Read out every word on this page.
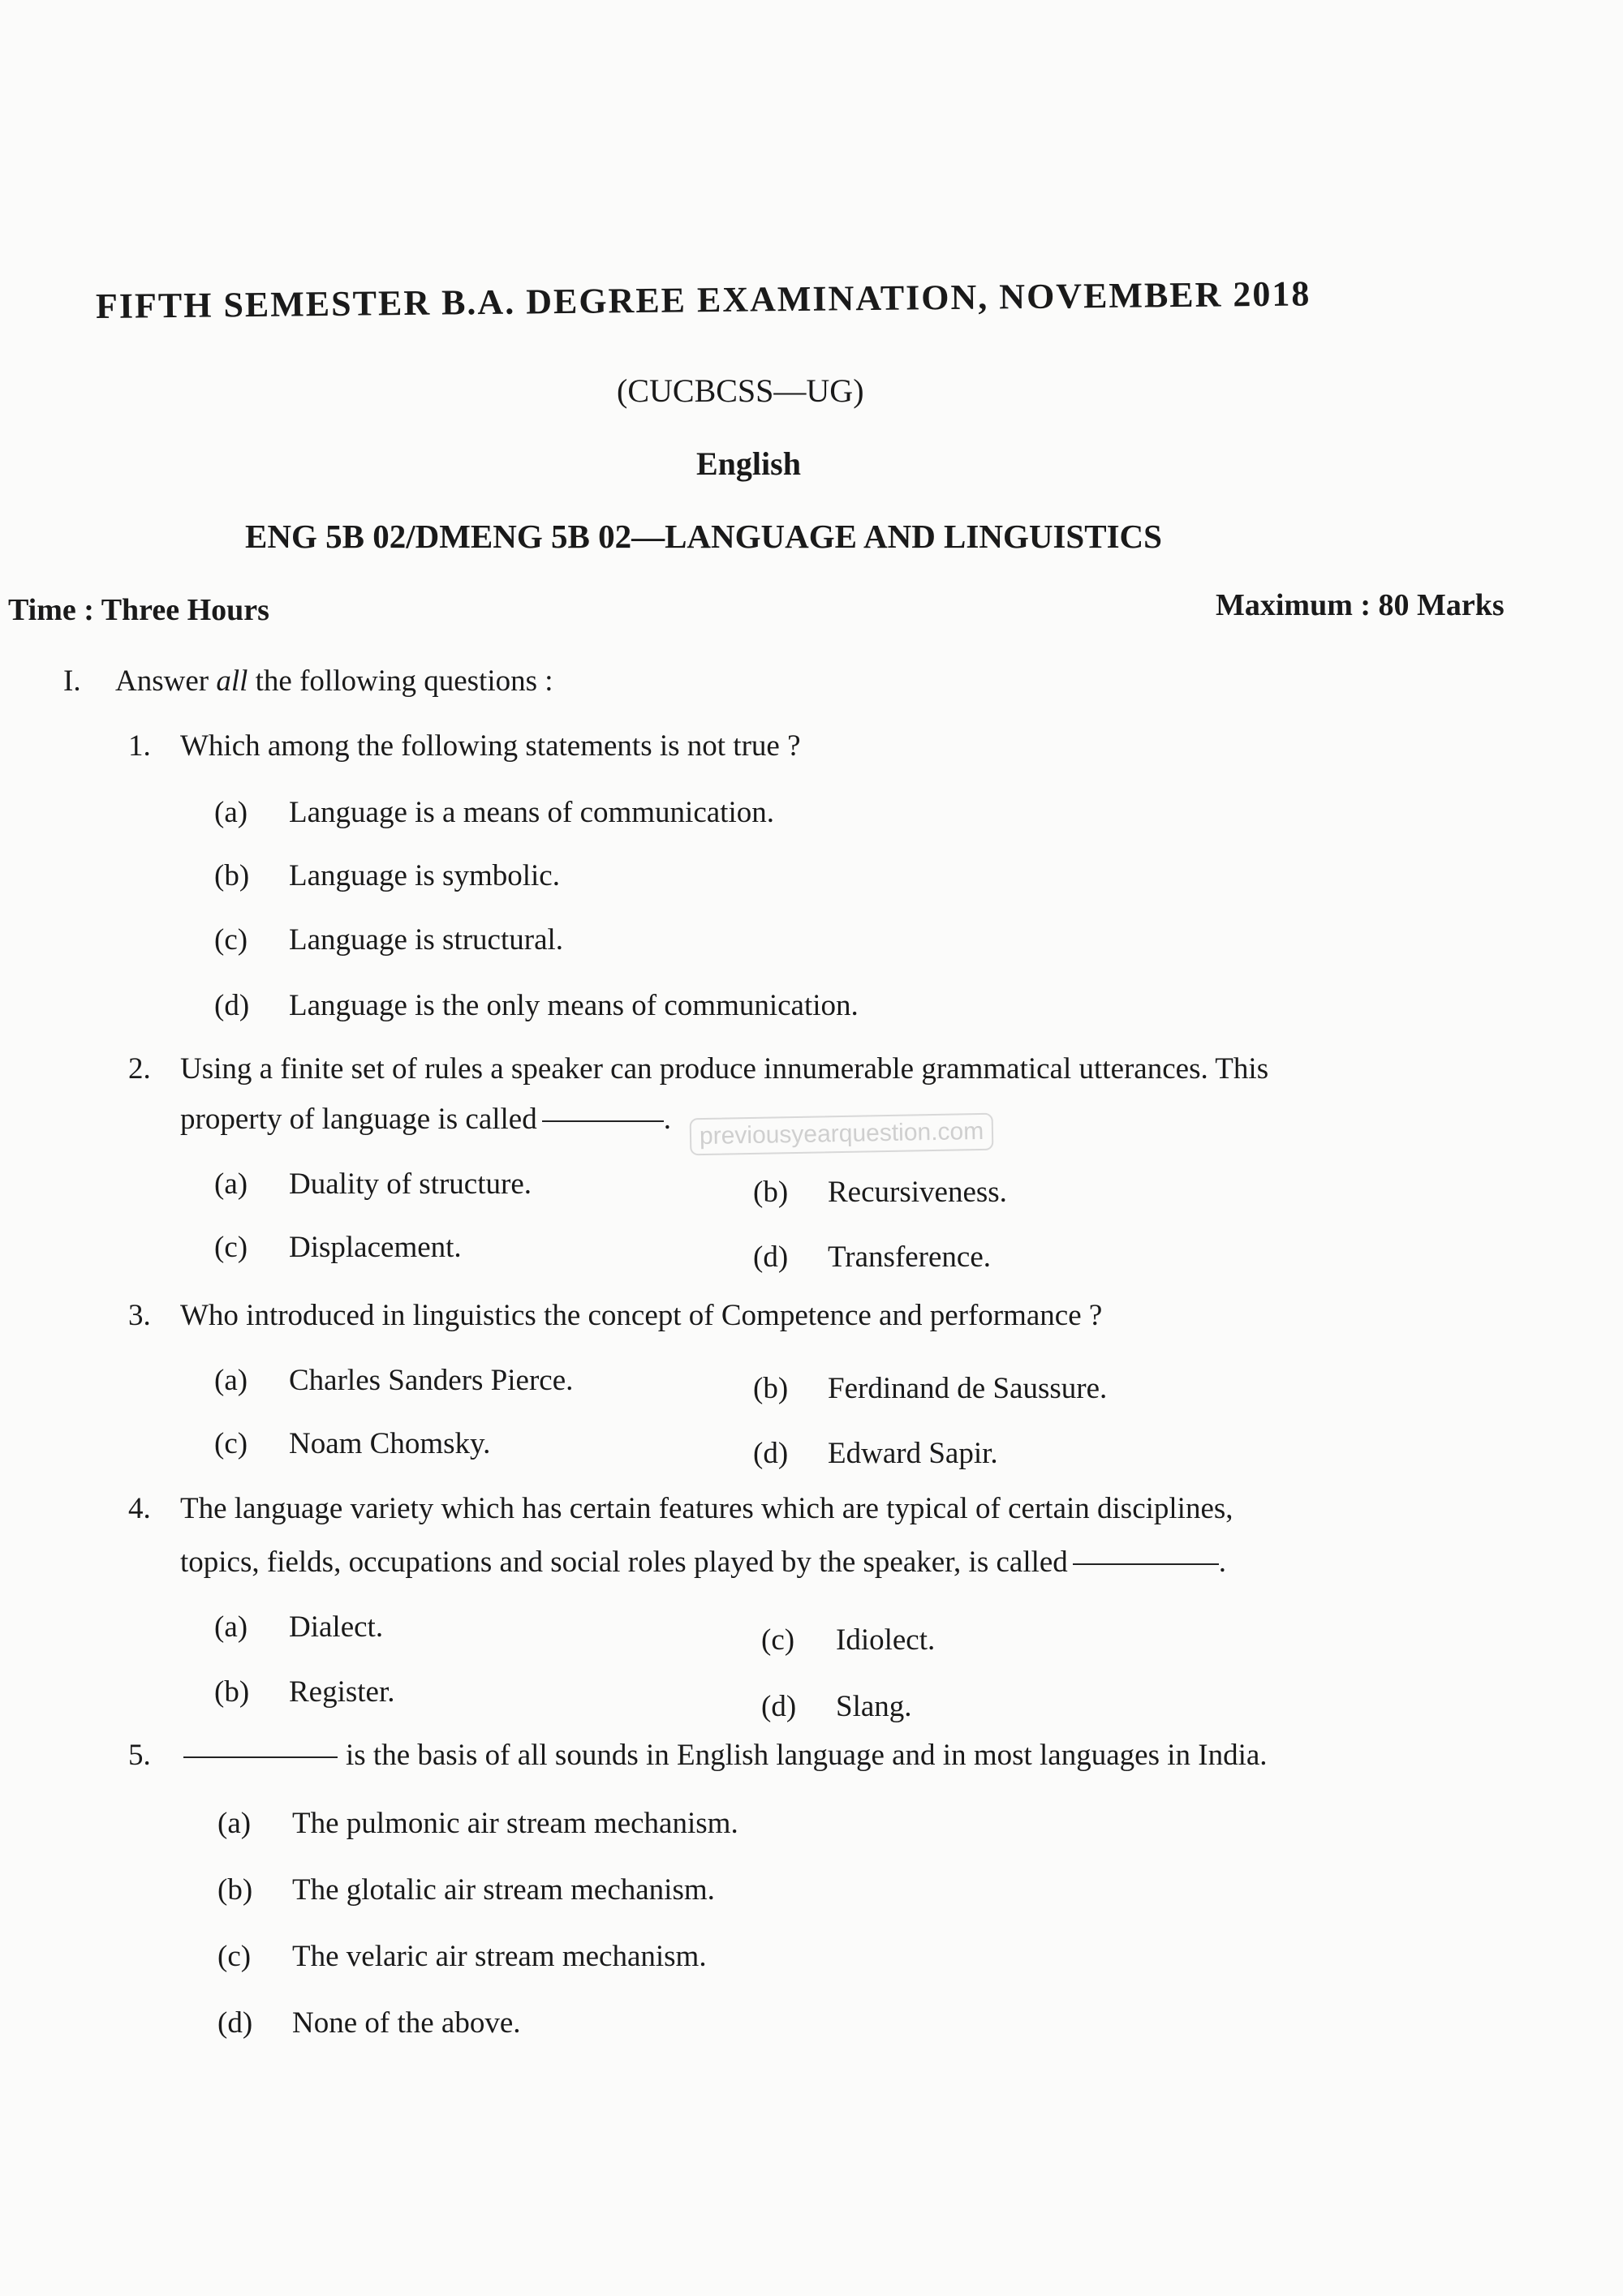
FIFTH SEMESTER B.A. DEGREE EXAMINATION, NOVEMBER 2018
(CUCBCSS—UG)
English
ENG 5B 02/DMENG 5B 02—LANGUAGE AND LINGUISTICS
Time : Three Hours	Maximum : 80 Marks
I. Answer all the following questions :
1. Which among the following statements is not true ?
(a) Language is a means of communication.
(b) Language is symbolic.
(c) Language is structural.
(d) Language is the only means of communication.
2. Using a finite set of rules a speaker can produce innumerable grammatical utterances. This
property of language is called	.	previousyearquestion.com
(a) Duality of structure.	(b) Recursiveness.
(c) Displacement.	(d) Transference.
3. Who introduced in linguistics the concept of Competence and performance ?
(a) Charles Sanders Pierce.	(b) Ferdinand de Saussure.
(c) Noam Chomsky.	(d) Edward Sapir.
4. The language variety which has certain features which are typical of certain disciplines,
topics, fields, occupations and social roles played by the speaker, is called	.
(a) Dialect.	(c) Idiolect.
(b) Register.	(d) Slang.
5.	is the basis of all sounds in English language and in most languages in India.
(a) The pulmonic air stream mechanism.
(b) The glotalic air stream mechanism.
(c) The velaric air stream mechanism.
(d) None of the above.
